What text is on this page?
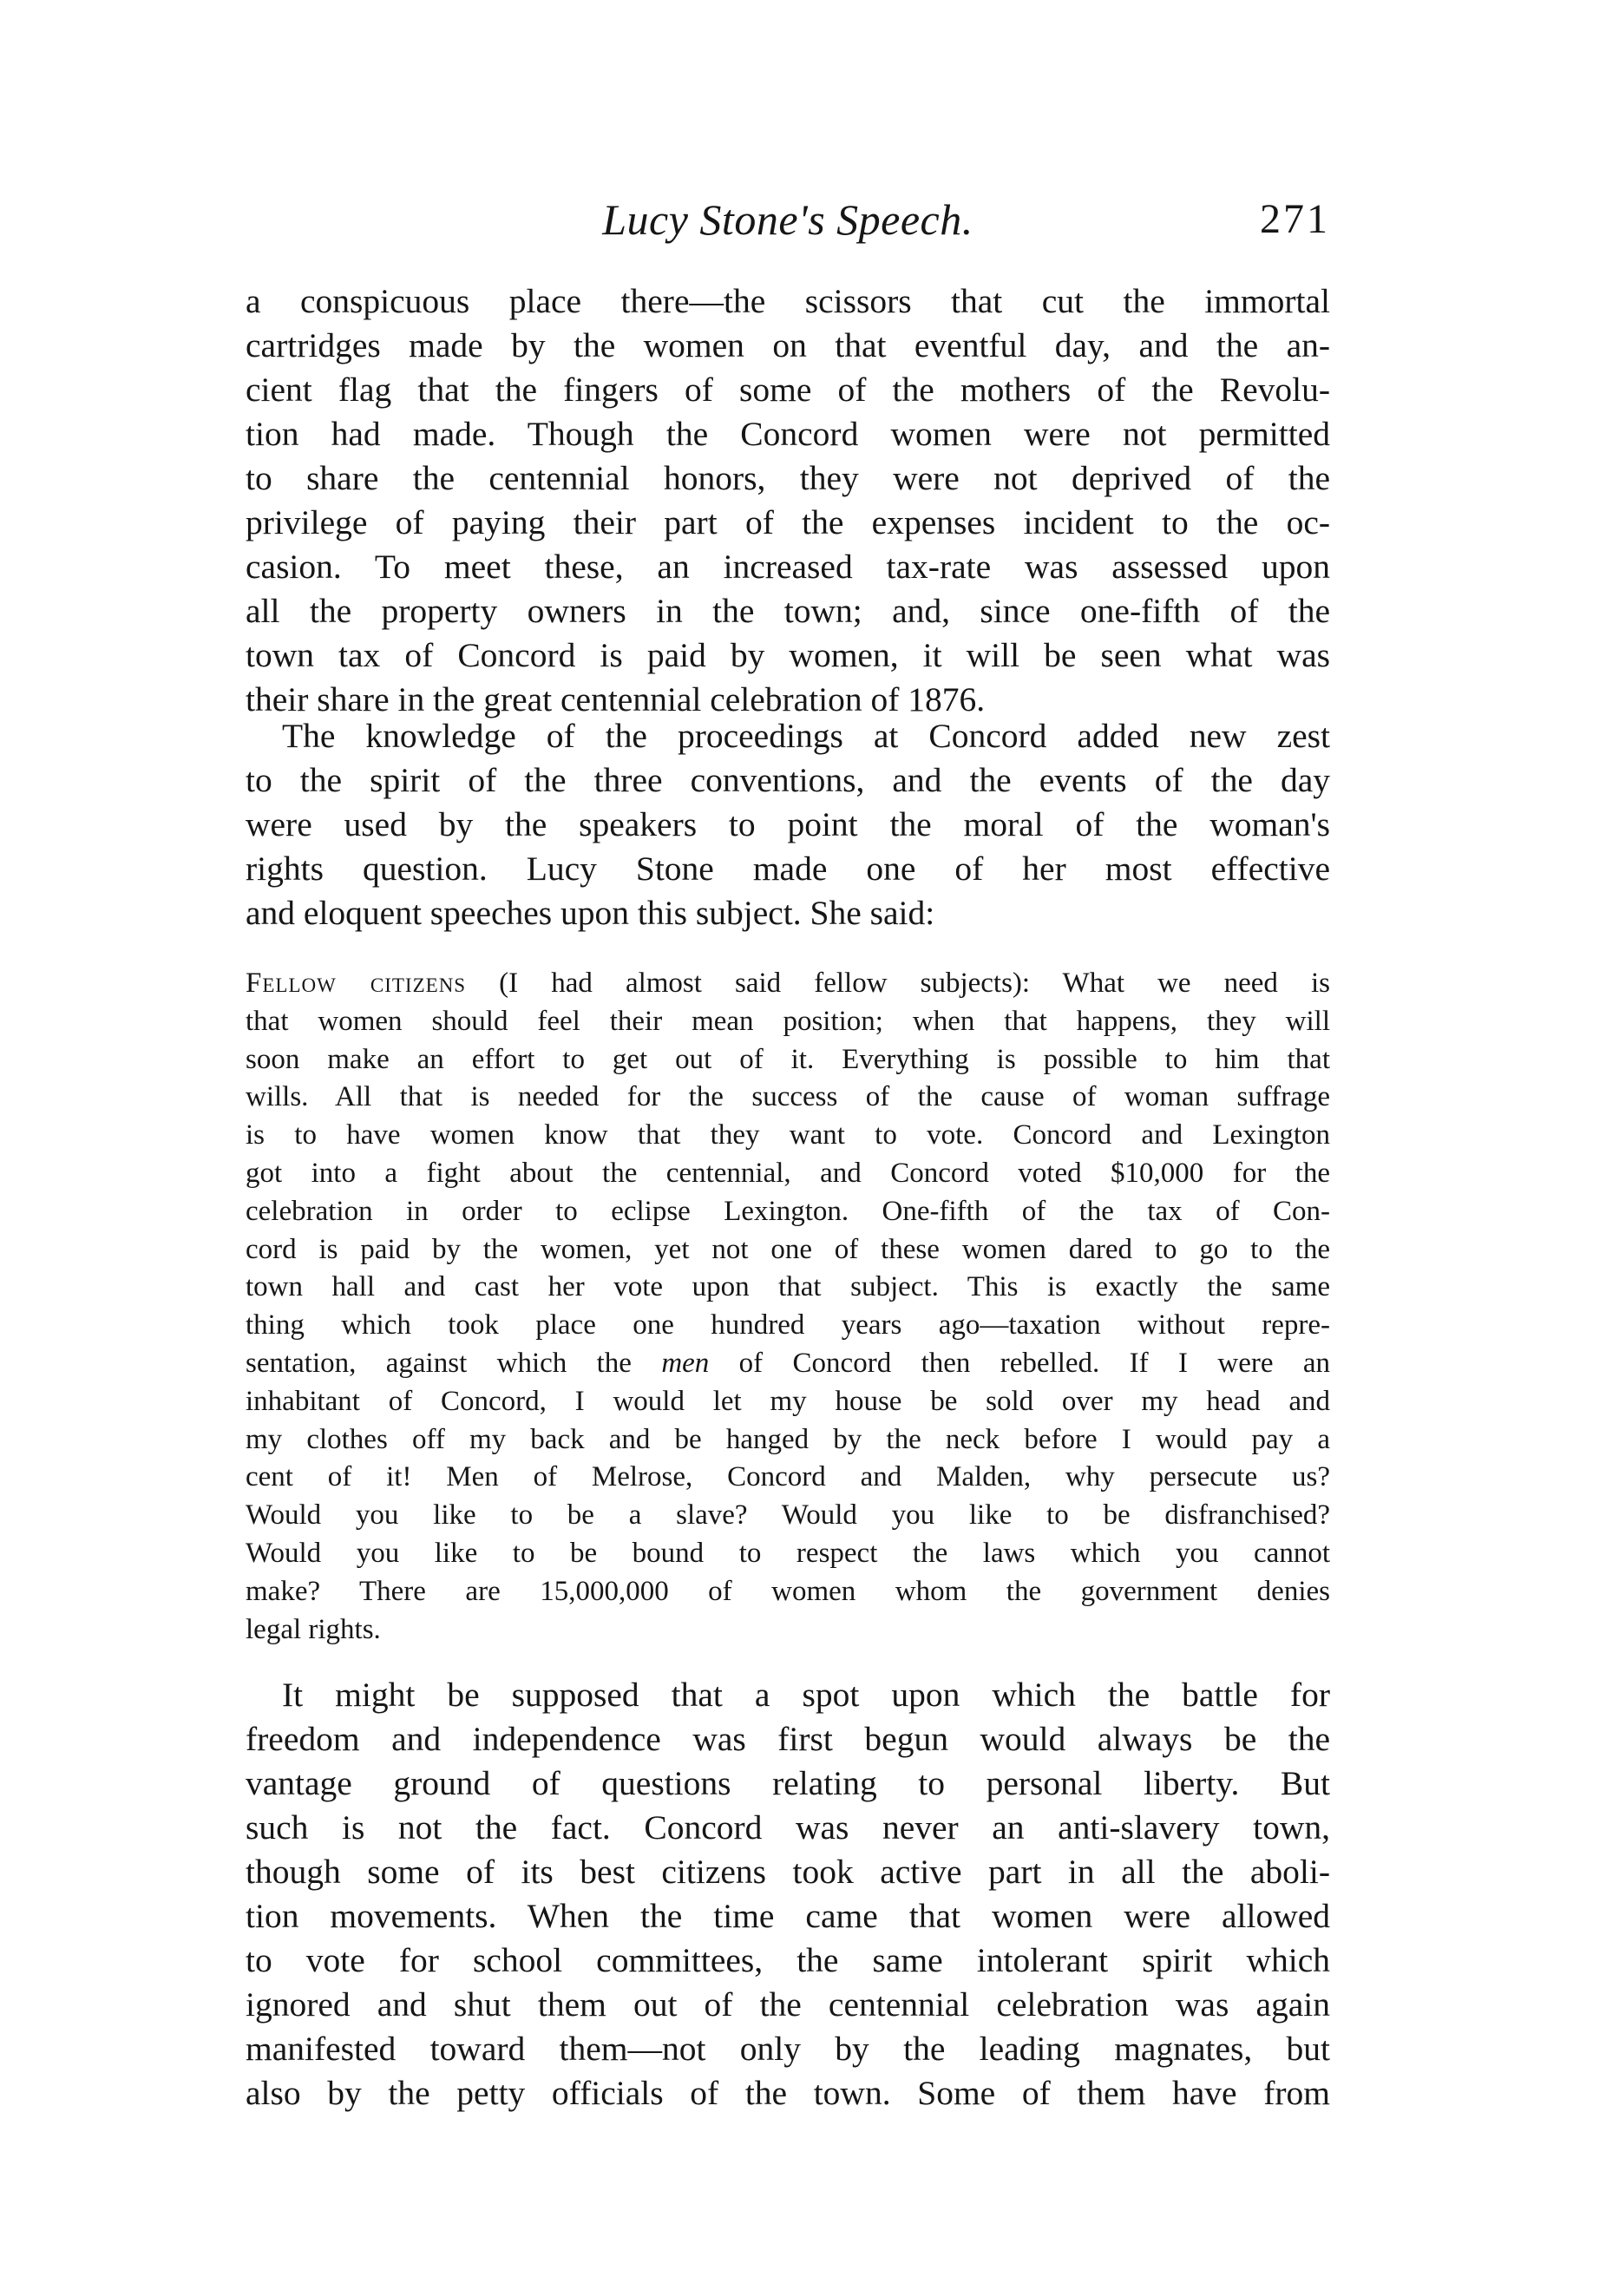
Lucy Stone's Speech.	271
a conspicuous place there—the scissors that cut the immortal
cartridges made by the women on that eventful day, and the an-
cient flag that the fingers of some of the mothers of the Revolu-
tion had made. Though the Concord women were not permitted
to share the centennial honors, they were not deprived of the
privilege of paying their part of the expenses incident to the oc-
casion. To meet these, an increased tax-rate was assessed upon
all the property owners in the town; and, since one-fifth of the
town tax of Concord is paid by women, it will be seen what was
their share in the great centennial celebration of 1876.
The knowledge of the proceedings at Concord added new zest
to the spirit of the three conventions, and the events of the day
were used by the speakers to point the moral of the woman's
rights question. Lucy Stone made one of her most effective
and eloquent speeches upon this subject. She said:
Fellow citizens (I had almost said fellow subjects): What we need is
that women should feel their mean position; when that happens, they will
soon make an effort to get out of it. Everything is possible to him that
wills. All that is needed for the success of the cause of woman suffrage
is to have women know that they want to vote. Concord and Lexington
got into a fight about the centennial, and Concord voted $10,000 for the
celebration in order to eclipse Lexington. One-fifth of the tax of Con-
cord is paid by the women, yet not one of these women dared to go to the
town hall and cast her vote upon that subject. This is exactly the same
thing which took place one hundred years ago—taxation without repre-
sentation, against which the men of Concord then rebelled. If I were an
inhabitant of Concord, I would let my house be sold over my head and
my clothes off my back and be hanged by the neck before I would pay a
cent of it! Men of Melrose, Concord and Malden, why persecute us?
Would you like to be a slave? Would you like to be disfranchised?
Would you like to be bound to respect the laws which you cannot
make? There are 15,000,000 of women whom the government denies
legal rights.
It might be supposed that a spot upon which the battle for
freedom and independence was first begun would always be the
vantage ground of questions relating to personal liberty. But
such is not the fact. Concord was never an anti-slavery town,
though some of its best citizens took active part in all the aboli-
tion movements. When the time came that women were allowed
to vote for school committees, the same intolerant spirit which
ignored and shut them out of the centennial celebration was again
manifested toward them—not only by the leading magnates, but
also by the petty officials of the town. Some of them have from
